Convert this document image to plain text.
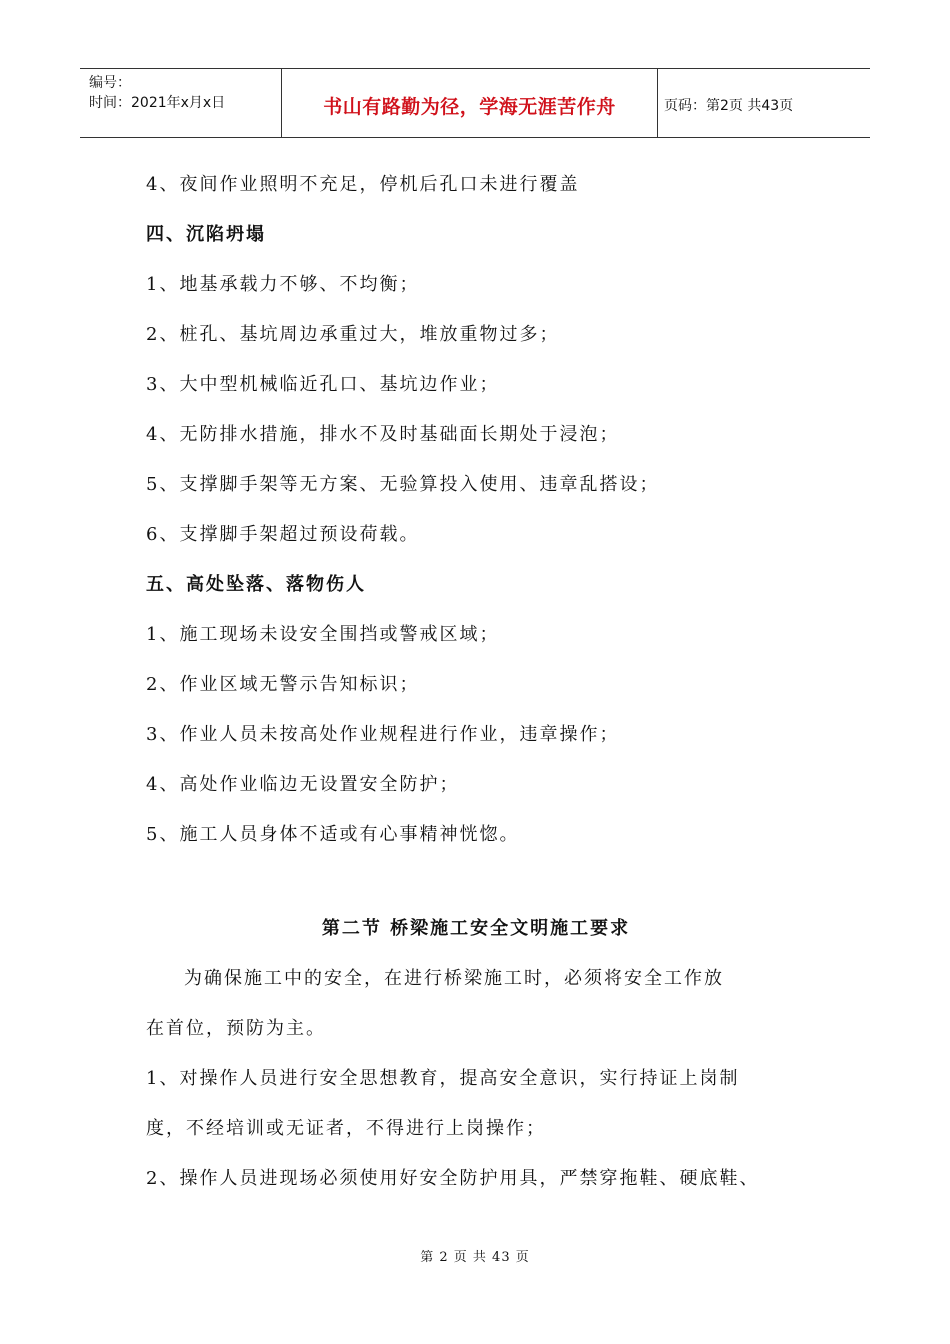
编号：
时间：2021年x月x日	书山有路勤为径，学海无涯苦作舟	页码：第2页 共43页
4、夜间作业照明不充足，停机后孔口未进行覆盖
四、沉陷坍塌
1、地基承载力不够、不均衡；
2、桩孔、基坑周边承重过大，堆放重物过多；
3、大中型机械临近孔口、基坑边作业；
4、无防排水措施，排水不及时基础面长期处于浸泡；
5、支撑脚手架等无方案、无验算投入使用、违章乱搭设；
6、支撑脚手架超过预设荷载。
五、高处坠落、落物伤人
1、施工现场未设安全围挡或警戒区域；
2、作业区域无警示告知标识；
3、作业人员未按高处作业规程进行作业，违章操作；
4、高处作业临边无设置安全防护；
5、施工人员身体不适或有心事精神恍惚。
第二节 桥梁施工安全文明施工要求
为确保施工中的安全，在进行桥梁施工时，必须将安全工作放
在首位，预防为主。
1、对操作人员进行安全思想教育，提高安全意识，实行持证上岗制
度，不经培训或无证者，不得进行上岗操作；
2、操作人员进现场必须使用好安全防护用具，严禁穿拖鞋、硬底鞋、
第 2 页 共 43 页
